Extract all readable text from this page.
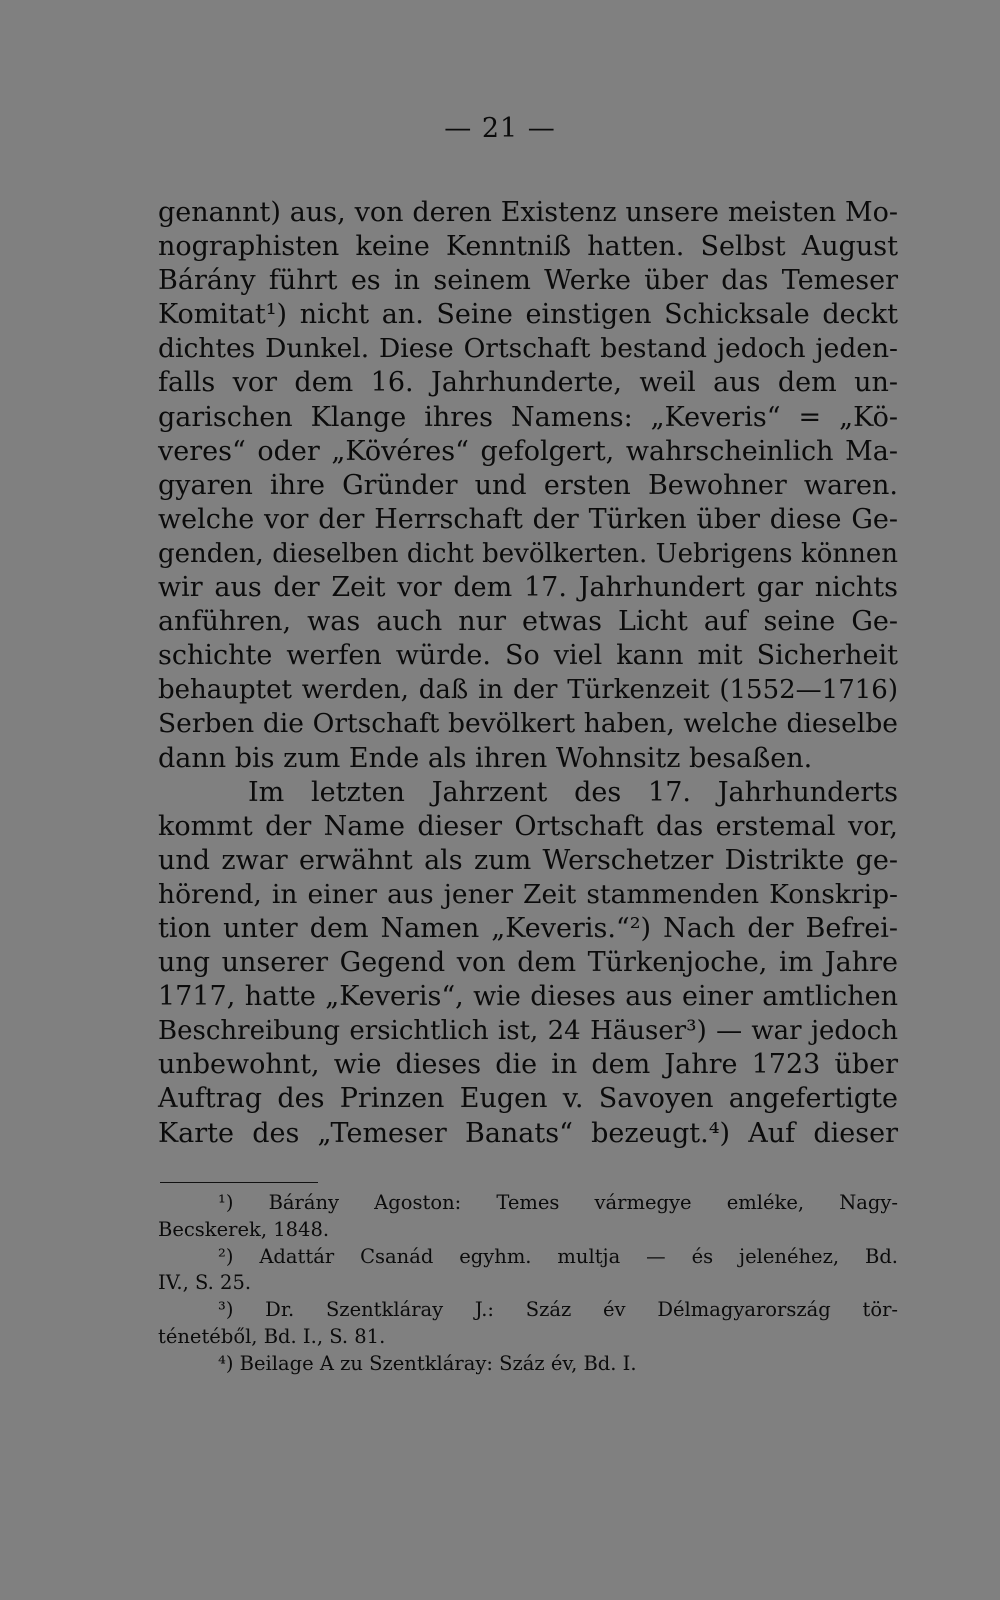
— 21 —
genannt) aus, von deren Existenz unsere meisten Mo-
nographisten keine Kenntniß hatten. Selbst August
Bárány führt es in seinem Werke über das Temeser
Komitat¹) nicht an. Seine einstigen Schicksale deckt
dichtes Dunkel. Diese Ortschaft bestand jedoch jeden-
falls vor dem 16. Jahrhunderte, weil aus dem un-
garischen Klange ihres Namens: „Keveris“ = „Kö-
veres“ oder „Kövéres“ gefolgert, wahrscheinlich Ma-
gyaren ihre Gründer und ersten Bewohner waren.
welche vor der Herrschaft der Türken über diese Ge-
genden, dieselben dicht bevölkerten. Uebrigens können
wir aus der Zeit vor dem 17. Jahrhundert gar nichts
anführen, was auch nur etwas Licht auf seine Ge-
schichte werfen würde. So viel kann mit Sicherheit
behauptet werden, daß in der Türkenzeit (1552—1716)
Serben die Ortschaft bevölkert haben, welche dieselbe
dann bis zum Ende als ihren Wohnsitz besaßen.
Im letzten Jahrzent des 17. Jahrhunderts
kommt der Name dieser Ortschaft das erstemal vor,
und zwar erwähnt als zum Werschetzer Distrikte ge-
hörend, in einer aus jener Zeit stammenden Konskrip-
tion unter dem Namen „Keveris.“²) Nach der Befrei-
ung unserer Gegend von dem Türkenjoche, im Jahre
1717, hatte „Keveris“, wie dieses aus einer amtlichen
Beschreibung ersichtlich ist, 24 Häuser³) — war jedoch
unbewohnt, wie dieses die in dem Jahre 1723 über
Auftrag des Prinzen Eugen v. Savoyen angefertigte
Karte des „Temeser Banats“ bezeugt.⁴) Auf dieser
¹) Bárány Agoston: Temes vármegye emléke, Nagy-
Becskerek, 1848.
²) Adattár Csanád egyhm. multja — és jelenéhez, Bd.
IV., S. 25.
³) Dr. Szentkláray J.: Száz év Délmagyarország tör-
ténetéből, Bd. I., S. 81.
⁴) Beilage A zu Szentkláray: Száz év, Bd. I.
